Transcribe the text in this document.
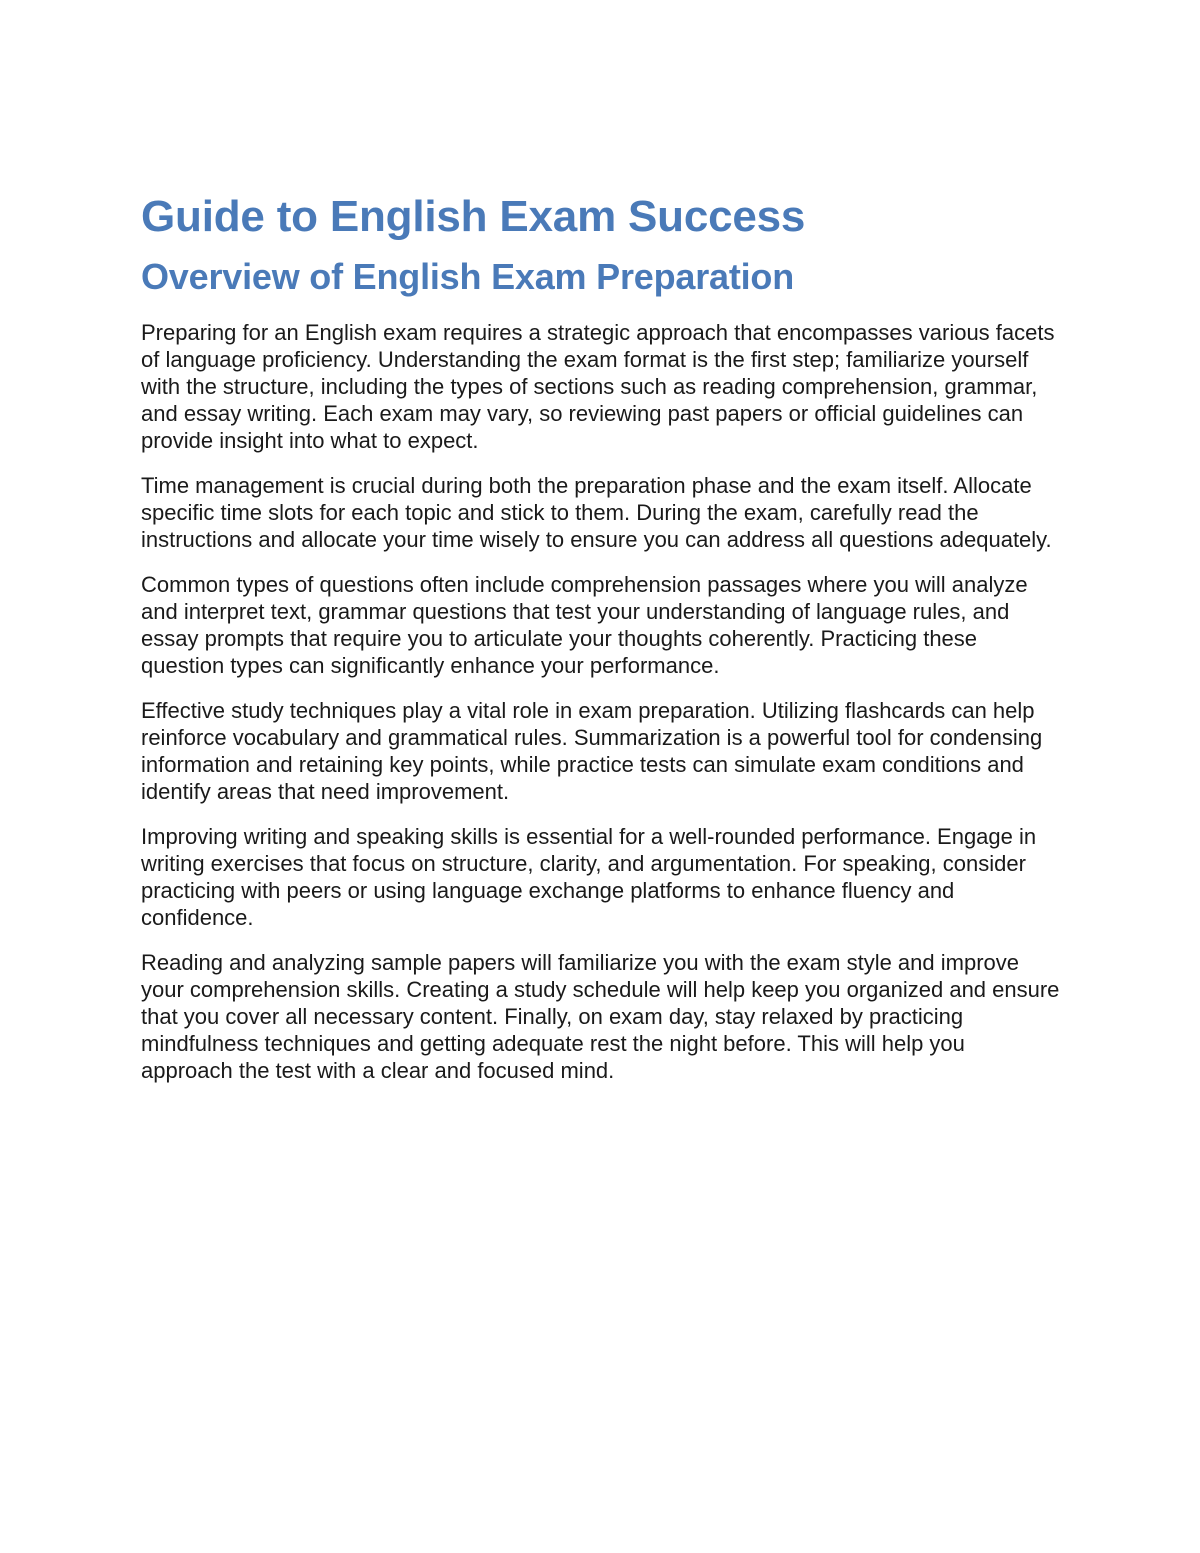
Guide to English Exam Success
Overview of English Exam Preparation

Preparing for an English exam requires a strategic approach that encompasses various facets of language proficiency. Understanding the exam format is the first step; familiarize yourself with the structure, including the types of sections such as reading comprehension, grammar, and essay writing. Each exam may vary, so reviewing past papers or official guidelines can provide insight into what to expect.

Time management is crucial during both the preparation phase and the exam itself. Allocate specific time slots for each topic and stick to them. During the exam, carefully read the instructions and allocate your time wisely to ensure you can address all questions adequately.

Common types of questions often include comprehension passages where you will analyze and interpret text, grammar questions that test your understanding of language rules, and essay prompts that require you to articulate your thoughts coherently. Practicing these question types can significantly enhance your performance.

Effective study techniques play a vital role in exam preparation. Utilizing flashcards can help reinforce vocabulary and grammatical rules. Summarization is a powerful tool for condensing information and retaining key points, while practice tests can simulate exam conditions and identify areas that need improvement.

Improving writing and speaking skills is essential for a well-rounded performance. Engage in writing exercises that focus on structure, clarity, and argumentation. For speaking, consider practicing with peers or using language exchange platforms to enhance fluency and confidence.

Reading and analyzing sample papers will familiarize you with the exam style and improve your comprehension skills. Creating a study schedule will help keep you organized and ensure that you cover all necessary content. Finally, on exam day, stay relaxed by practicing mindfulness techniques and getting adequate rest the night before. This will help you approach the test with a clear and focused mind.
